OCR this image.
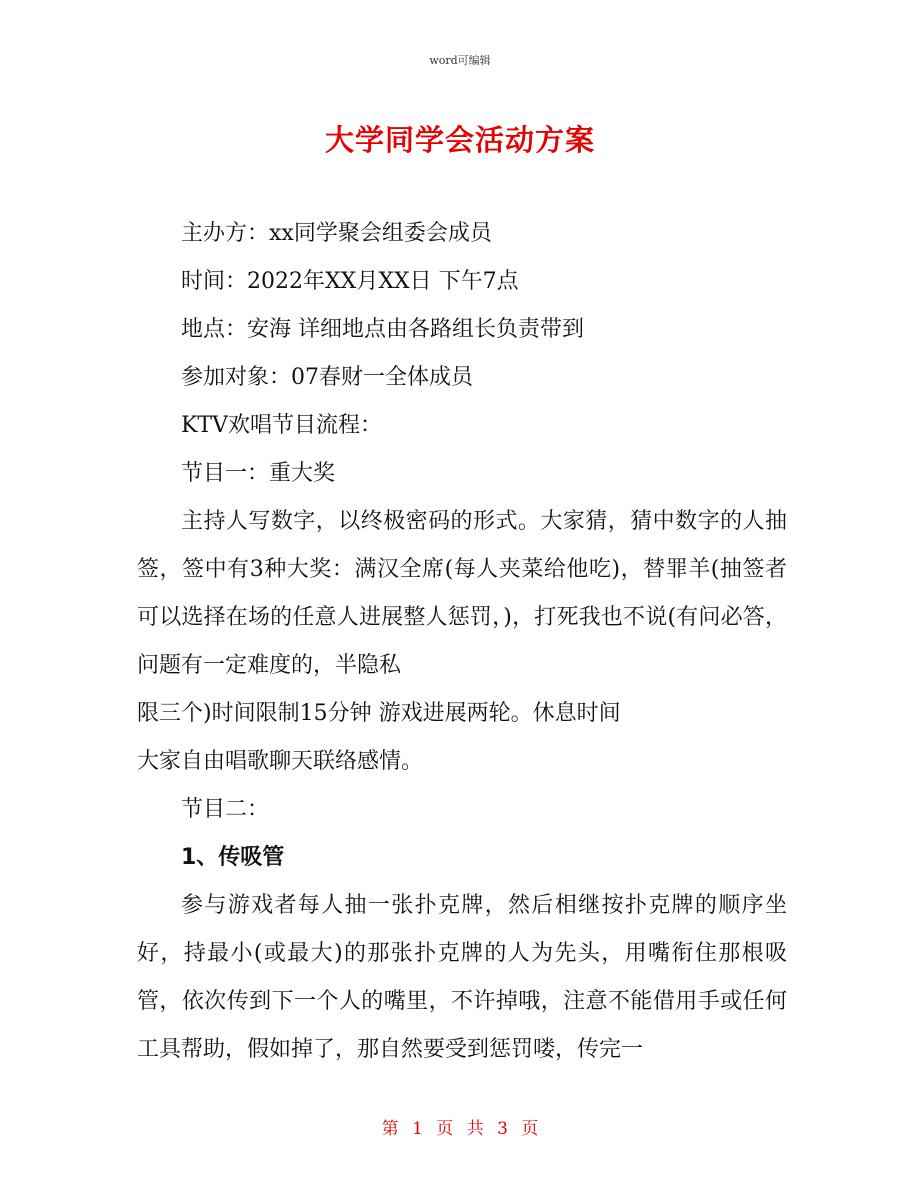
word可编辑
大学同学会活动方案

主办方：xx同学聚会组委会成员

时间：2022年XX月XX日 下午7点

地点：安海 详细地点由各路组长负责带到

参加对象：07春财一全体成员

KTV欢唱节目流程：

节目一：重大奖

主持人写数字，以终极密码的形式。大家猜，猜中数字的人抽签，签中有3种大奖：满汉全席(每人夹菜给他吃)，替罪羊(抽签者可以选择在场的任意人进展整人惩罚，)，打死我也不说(有问必答，问题有一定难度的，半隐私

限三个)时间限制15分钟 游戏进展两轮。休息时间

大家自由唱歌聊天联络感情。

节目二：

1、传吸管

参与游戏者每人抽一张扑克牌，然后相继按扑克牌的顺序坐好，持最小(或最大)的那张扑克牌的人为先头，用嘴衔住那根吸管，依次传到下一个人的嘴里，不许掉哦，注意不能借用手或任何工具帮助，假如掉了，那自然要受到惩罚喽，传完一

第 1 页 共 3 页
